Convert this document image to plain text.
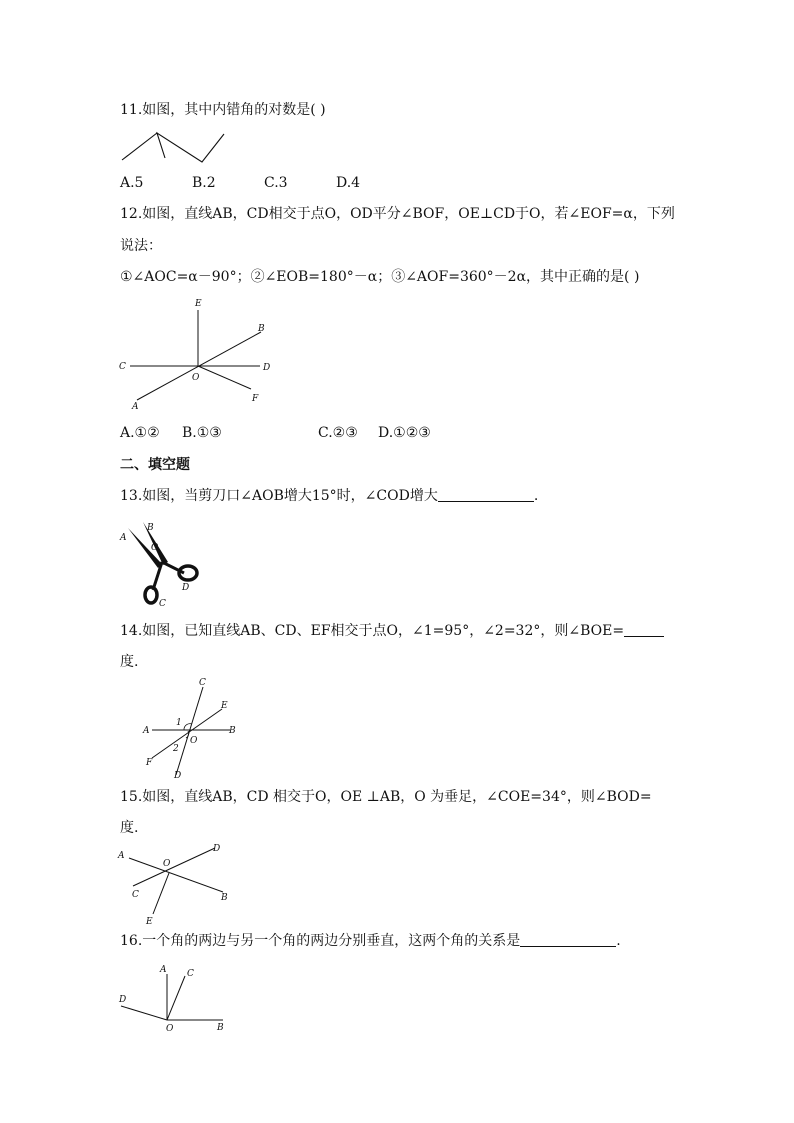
11.如图，其中内错角的对数是( )
A.5	B.2	C.3	D.4
12.如图，直线AB，CD相交于点O，OD平分∠BOF，OE⊥CD于O，若∠EOF=α，下列
说法：
①∠AOC=α－90°；②∠EOB=180°－α；③∠AOF=360°－2α，其中正确的是( )
E
B
C	D
O
A
F
A.①② B.①③	C.②③ D.①②③
二、填空题
13.如图，当剪刀口∠AOB增大15°时，∠COD增大	.
B
A
O
D
C
14.如图，已知直线AB、CD、EF相交于点O，∠1=95°，∠2=32°，则∠BOE=
度.
C
E
A	B
1
2
O
F
D
15.如图，直线AB，CD 相交于O，OE ⊥AB，O 为垂足，∠COE=34°，则∠BOD=
度.
A
O
D
C	B
E
16.一个角的两边与另一个角的两边分别垂直，这两个角的关系是	.
A C
D
O	B
